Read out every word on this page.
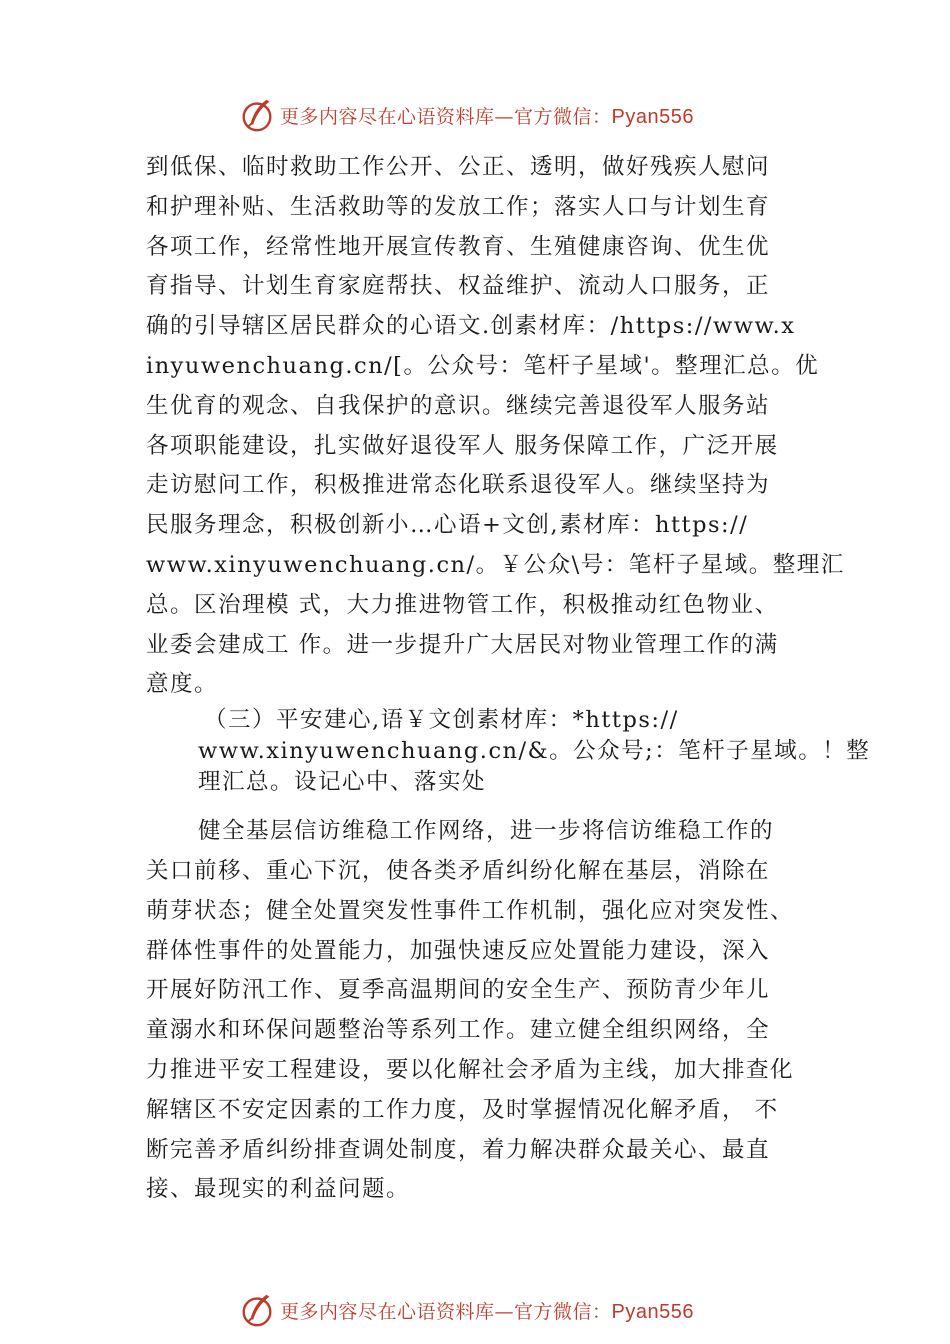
更多内容尽在心语资料库—官方微信：Pyan556
到低保、临时救助工作公开、公正、透明，做好残疾人慰问
和护理补贴、生活救助等的发放工作；落实人口与计划生育
各项工作，经常性地开展宣传教育、生殖健康咨询、优生优
育指导、计划生育家庭帮扶、权益维护、流动人口服务，正
确的引导辖区居民群众的心语文.创素材库：/https://www.x
inyuwenchuang.cn/[。公众号：笔杆子星域'。整理汇总。优
生优育的观念、自我保护的意识。继续完善退役军人服务站
各项职能建设，扎实做好退役军人 服务保障工作，广泛开展
走访慰问工作，积极推进常态化联系退役军人。继续坚持为
民服务理念，积极创新小…心语+文创,素材库：https://
www.xinyuwenchuang.cn/。￥公众\号：笔杆子星域。整理汇
总。区治理模 式，大力推进物管工作，积极推动红色物业、
业委会建成工 作。进一步提升广大居民对物业管理工作的满
意度。
（三）平安建心,语￥文创素材库：*https://
www.xinyuwenchuang.cn/&。公众号;：笔杆子星域。！整
理汇总。设记心中、落实处
健全基层信访维稳工作网络，进一步将信访维稳工作的
关口前移、重心下沉，使各类矛盾纠纷化解在基层，消除在
萌芽状态；健全处置突发性事件工作机制，强化应对突发性、
群体性事件的处置能力，加强快速反应处置能力建设，深入
开展好防汛工作、夏季高温期间的安全生产、预防青少年儿
童溺水和环保问题整治等系列工作。建立健全组织网络，全
力推进平安工程建设，要以化解社会矛盾为主线，加大排查化
解辖区不安定因素的工作力度，及时掌握情况化解矛盾， 不
断完善矛盾纠纷排查调处制度，着力解决群众最关心、最直
接、最现实的利益问题。
更多内容尽在心语资料库—官方微信：Pyan556
